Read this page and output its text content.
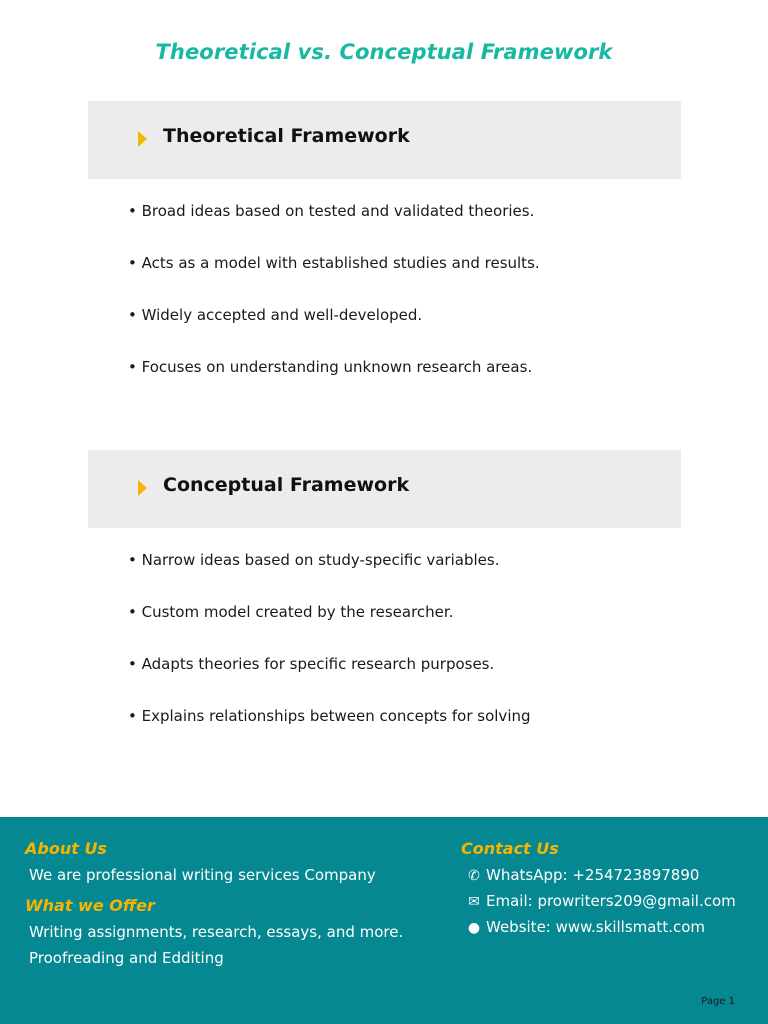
Theoretical vs. Conceptual Framework
Theoretical Framework
• Broad ideas based on tested and validated theories.
• Acts as a model with established studies and results.
• Widely accepted and well-developed.
• Focuses on understanding unknown research areas.
Conceptual Framework
• Narrow ideas based on study-specific variables.
• Custom model created by the researcher.
• Adapts theories for specific research purposes.
• Explains relationships between concepts for solving
About Us
We are professional writing services Company
What we Offer
Writing assignments, research, essays, and more.
Proofreading and Edditing
Contact Us
✆ WhatsApp: +254723897890
✉ Email: prowriters209@gmail.com
● Website: www.skillsmatt.com
Page 1
